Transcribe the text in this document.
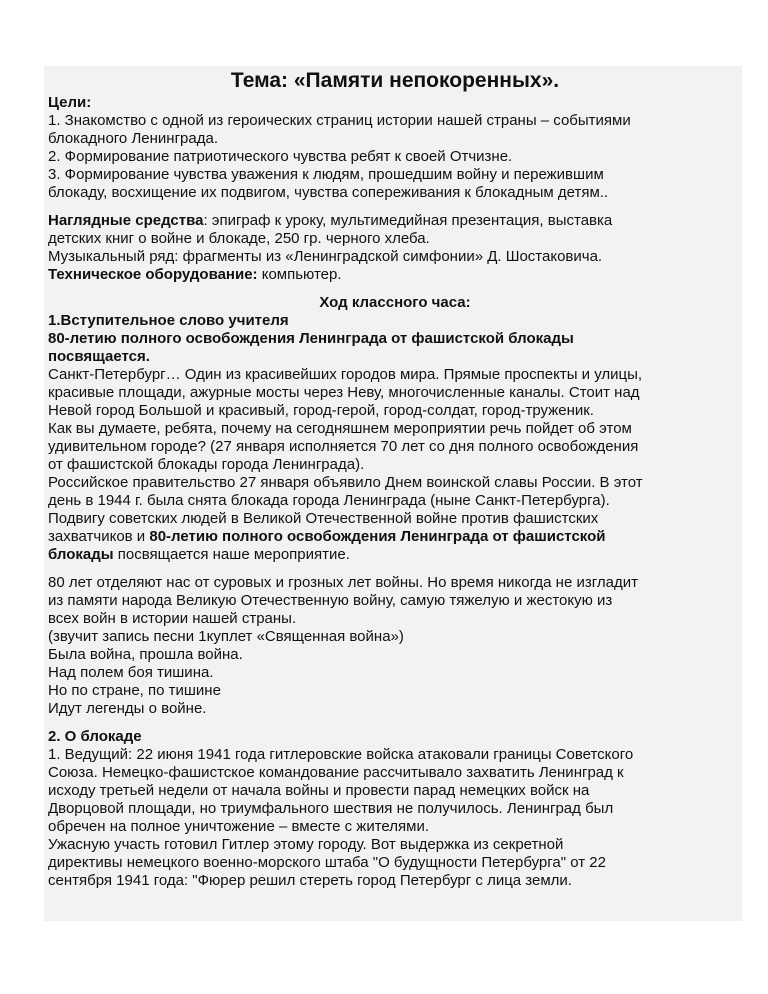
Тема: «Памяти непокоренных».

Цели:

1. Знакомство с одной из героических страниц истории нашей страны – событиями

блокадного Ленинграда.

2. Формирование патриотического чувства ребят к своей Отчизне.

3. Формирование чувства уважения к людям, прошедшим войну и пережившим

блокаду, восхищение их подвигом, чувства сопереживания к блокадным детям..

Наглядные средства: эпиграф к уроку, мультимедийная презентация, выставка

детских книг о войне и блокаде, 250 гр. черного хлеба.

Музыкальный ряд: фрагменты из «Ленинградской симфонии» Д. Шостаковича.

Техническое оборудование: компьютер.

Ход классного часа:

1.Вступительное слово учителя

80-летию полного освобождения Ленинграда от фашистской блокады

посвящается.

Санкт-Петербург… Один из красивейших городов мира. Прямые проспекты и улицы,

красивые площади, ажурные мосты через Неву, многочисленные каналы. Стоит над

Невой город Большой и красивый, город-герой, город-солдат, город-труженик.

Как вы думаете, ребята, почему на сегодняшнем мероприятии речь пойдет об этом

удивительном городе? (27 января исполняется 70 лет со дня полного освобождения

от фашистской блокады города Ленинграда).

Российское правительство 27 января объявило Днем воинской славы России. В этот

день в 1944 г. была снята блокада города Ленинграда (ныне Санкт-Петербурга).

Подвигу советских людей в Великой Отечественной войне против фашистских

захватчиков и 80-летию полного освобождения Ленинграда от фашистской

блокады посвящается наше мероприятие.

80 лет отделяют нас от суровых и грозных лет войны. Но время никогда не изгладит

из памяти народа Великую Отечественную войну, самую тяжелую и жестокую из

всех войн в истории нашей страны.

(звучит запись песни 1куплет «Священная война»)

Была война, прошла война.

Над полем боя тишина.

Но по стране, по тишине

Идут легенды о войне.

2. О блокаде

1. Ведущий: 22 июня 1941 года гитлеровские войска атаковали границы Советского

Союза. Немецко-фашистское командование рассчитывало захватить Ленинград к

исходу третьей недели от начала войны и провести парад немецких войск на

Дворцовой площади, но триумфального шествия не получилось. Ленинград был

обречен на полное уничтожение – вместе с жителями.

Ужасную участь готовил Гитлер этому городу. Вот выдержка из секретной

директивы немецкого военно-морского штаба "О будущности Петербурга" от 22

сентября 1941 года: "Фюрер решил стереть город Петербург с лица земли.
